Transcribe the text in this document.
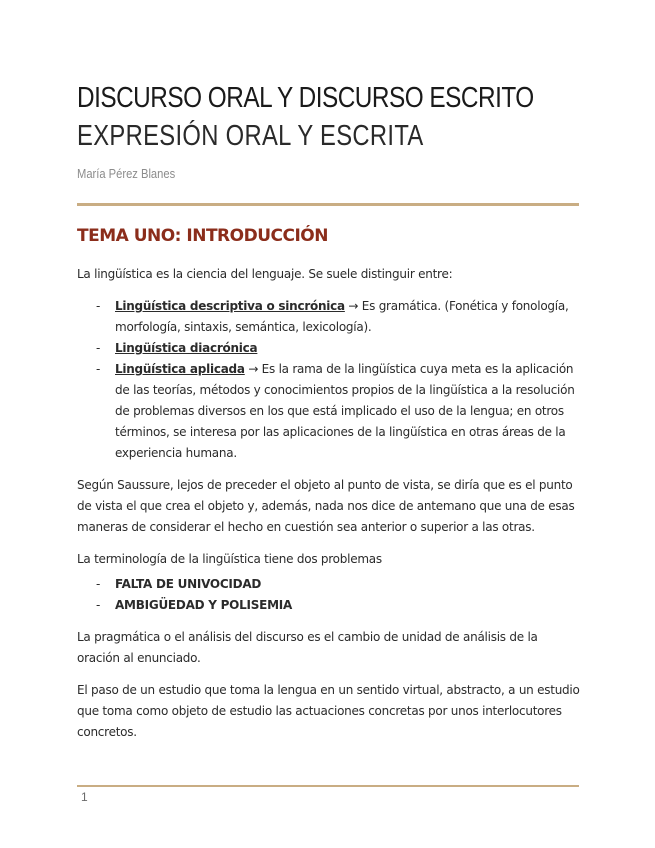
DISCURSO ORAL Y DISCURSO ESCRITO
EXPRESIÓN ORAL Y ESCRITA
María Pérez Blanes
TEMA UNO: INTRODUCCIÓN

La lingüística es la ciencia del lenguaje. Se suele distinguir entre:

- Lingüística descriptiva o sincrónica → Es gramática. (Fonética y fonología, morfología, sintaxis, semántica, lexicología).
- Lingüística diacrónica
- Lingüística aplicada → Es la rama de la lingüística cuya meta es la aplicación de las teorías, métodos y conocimientos propios de la lingüística a la resolución de problemas diversos en los que está implicado el uso de la lengua; en otros términos, se interesa por las aplicaciones de la lingüística en otras áreas de la experiencia humana.

Según Saussure, lejos de preceder el objeto al punto de vista, se diría que es el punto de vista el que crea el objeto y, además, nada nos dice de antemano que una de esas maneras de considerar el hecho en cuestión sea anterior o superior a las otras.

La terminología de la lingüística tiene dos problemas

- FALTA DE UNIVOCIDAD
- AMBIGÜEDAD Y POLISEMIA

La pragmática o el análisis del discurso es el cambio de unidad de análisis de la oración al enunciado.

El paso de un estudio que toma la lengua en un sentido virtual, abstracto, a un estudio que toma como objeto de estudio las actuaciones concretas por unos interlocutores concretos.

1
